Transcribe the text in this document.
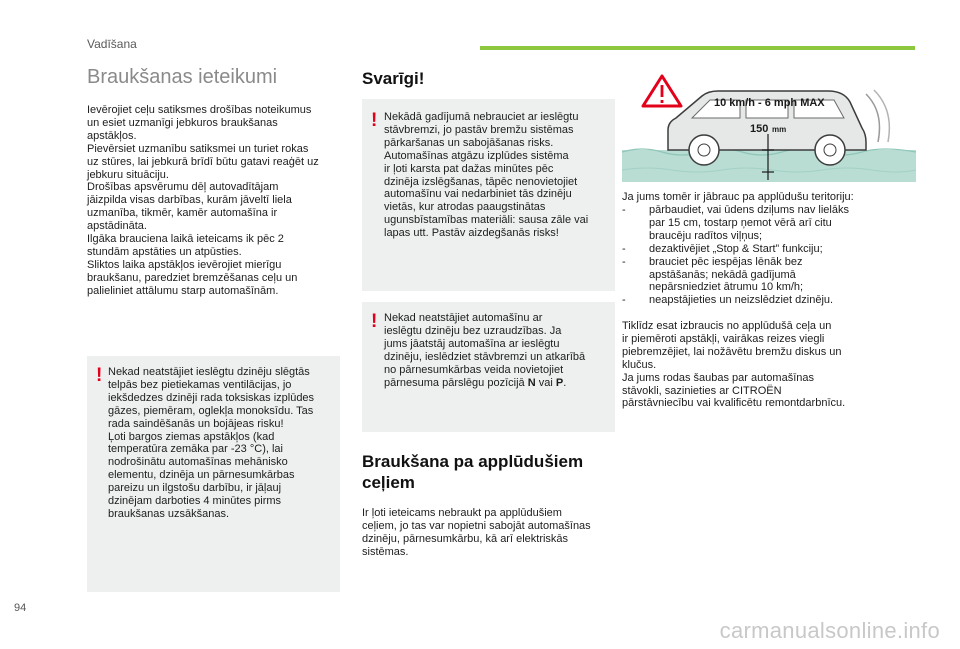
Vadīšana
Braukšanas ieteikumi

Ievērojiet ceļu satiksmes drošības noteikumus
un esiet uzmanīgi jebkuros braukšanas
apstākļos.
Pievērsiet uzmanību satiksmei un turiet rokas
uz stūres, lai jebkurā brīdī būtu gatavi reaģēt uz
jebkuru situāciju.
Drošības apsvērumu dēļ autovadītājam
jāizpilda visas darbības, kurām jāveltī liela
uzmanība, tikmēr, kamēr automašīna ir
apstādināta.
Ilgāka brauciena laikā ieteicams ik pēc 2
stundām apstāties un atpūsties.
Sliktos laika apstākļos ievērojiet mierīgu
braukšanu, paredziet bremzēšanas ceļu un
palieliniet attālumu starp automašīnām.

! Nekad neatstājiet ieslēgtu dzinēju slēgtās
telpās bez pietiekamas ventilācijas, jo
iekšdedzes dzinēji rada toksiskas izplūdes
gāzes, piemēram, oglekļa monoksīdu. Tas
rada saindēšanās un bojājeas risku!
Ļoti bargos ziemas apstākļos (kad
temperatūra zemāka par -23 °C), lai
nodrošinātu automašīnas mehānisko
elementu, dzinēja un pārnesumkārbas
pareizu un ilgstošu darbību, ir jāļauj
dzinējam darboties 4 minūtes pirms
braukšanas uzsākšanas.

Svarīgi!
! Nekādā gadījumā nebrauciet ar ieslēgtu
stāvbremzi, jo pastāv bremžu sistēmas
pārkaršanas un sabojāšanas risks.
Automašīnas atgāzu izplūdes sistēma
ir ļoti karsta pat dažas minūtes pēc
dzinēja izslēgšanas, tāpēc nenovietojiet
automašīnu vai nedarbiniet tās dzinēju
vietās, kur atrodas paaugstinātas
ugunsbīstamības materiāli: sausa zāle vai
lapas utt. Pastāv aizdegšanās risks!

! Nekad neatstājiet automašīnu ar
ieslēgtu dzinēju bez uzraudzības. Ja
jums jāatstāj automašīna ar ieslēgtu
dzinēju, ieslēdziet stāvbremzi un atkarībā
no pārnesumkārbas veida novietojiet
pārnesuma pārslēgu pozīcijā N vai P.

Braukšana pa applūdušiem
ceļiem

Ir ļoti ieteicams nebraukt pa applūdušiem
ceļiem, jo tas var nopietni sabojāt automašīnas
dzinēju, pārnesumkārbu, kā arī elektriskās
sistēmas.

10 km/h - 6 mph MAX
150 mm

Ja jums tomēr ir jābrauc pa applūdušu teritoriju:

- pārbaudiet, vai ūdens dziļums nav lielāks
par 15 cm, tostarp ņemot vērā arī citu
braucēju radītos viļņus;
- dezaktivējiet „Stop & Start” funkciju;
- brauciet pēc iespējas lēnāk bez
apstāšanās; nekādā gadījumā
nepārsniedziet ātrumu 10 km/h;
- neapstājieties un neizslēdziet dzinēju.

Tiklīdz esat izbraucis no applūdušā ceļa un
ir piemēroti apstākļi, vairākas reizes viegli
piebremzējiet, lai nožāvētu bremžu diskus un
klučus.
Ja jums rodas šaubas par automašīnas
stāvokli, sazinieties ar CITROËN
pārstāvniecību vai kvalificētu remontdarbnīcu.

94
carmanualsonline.info
